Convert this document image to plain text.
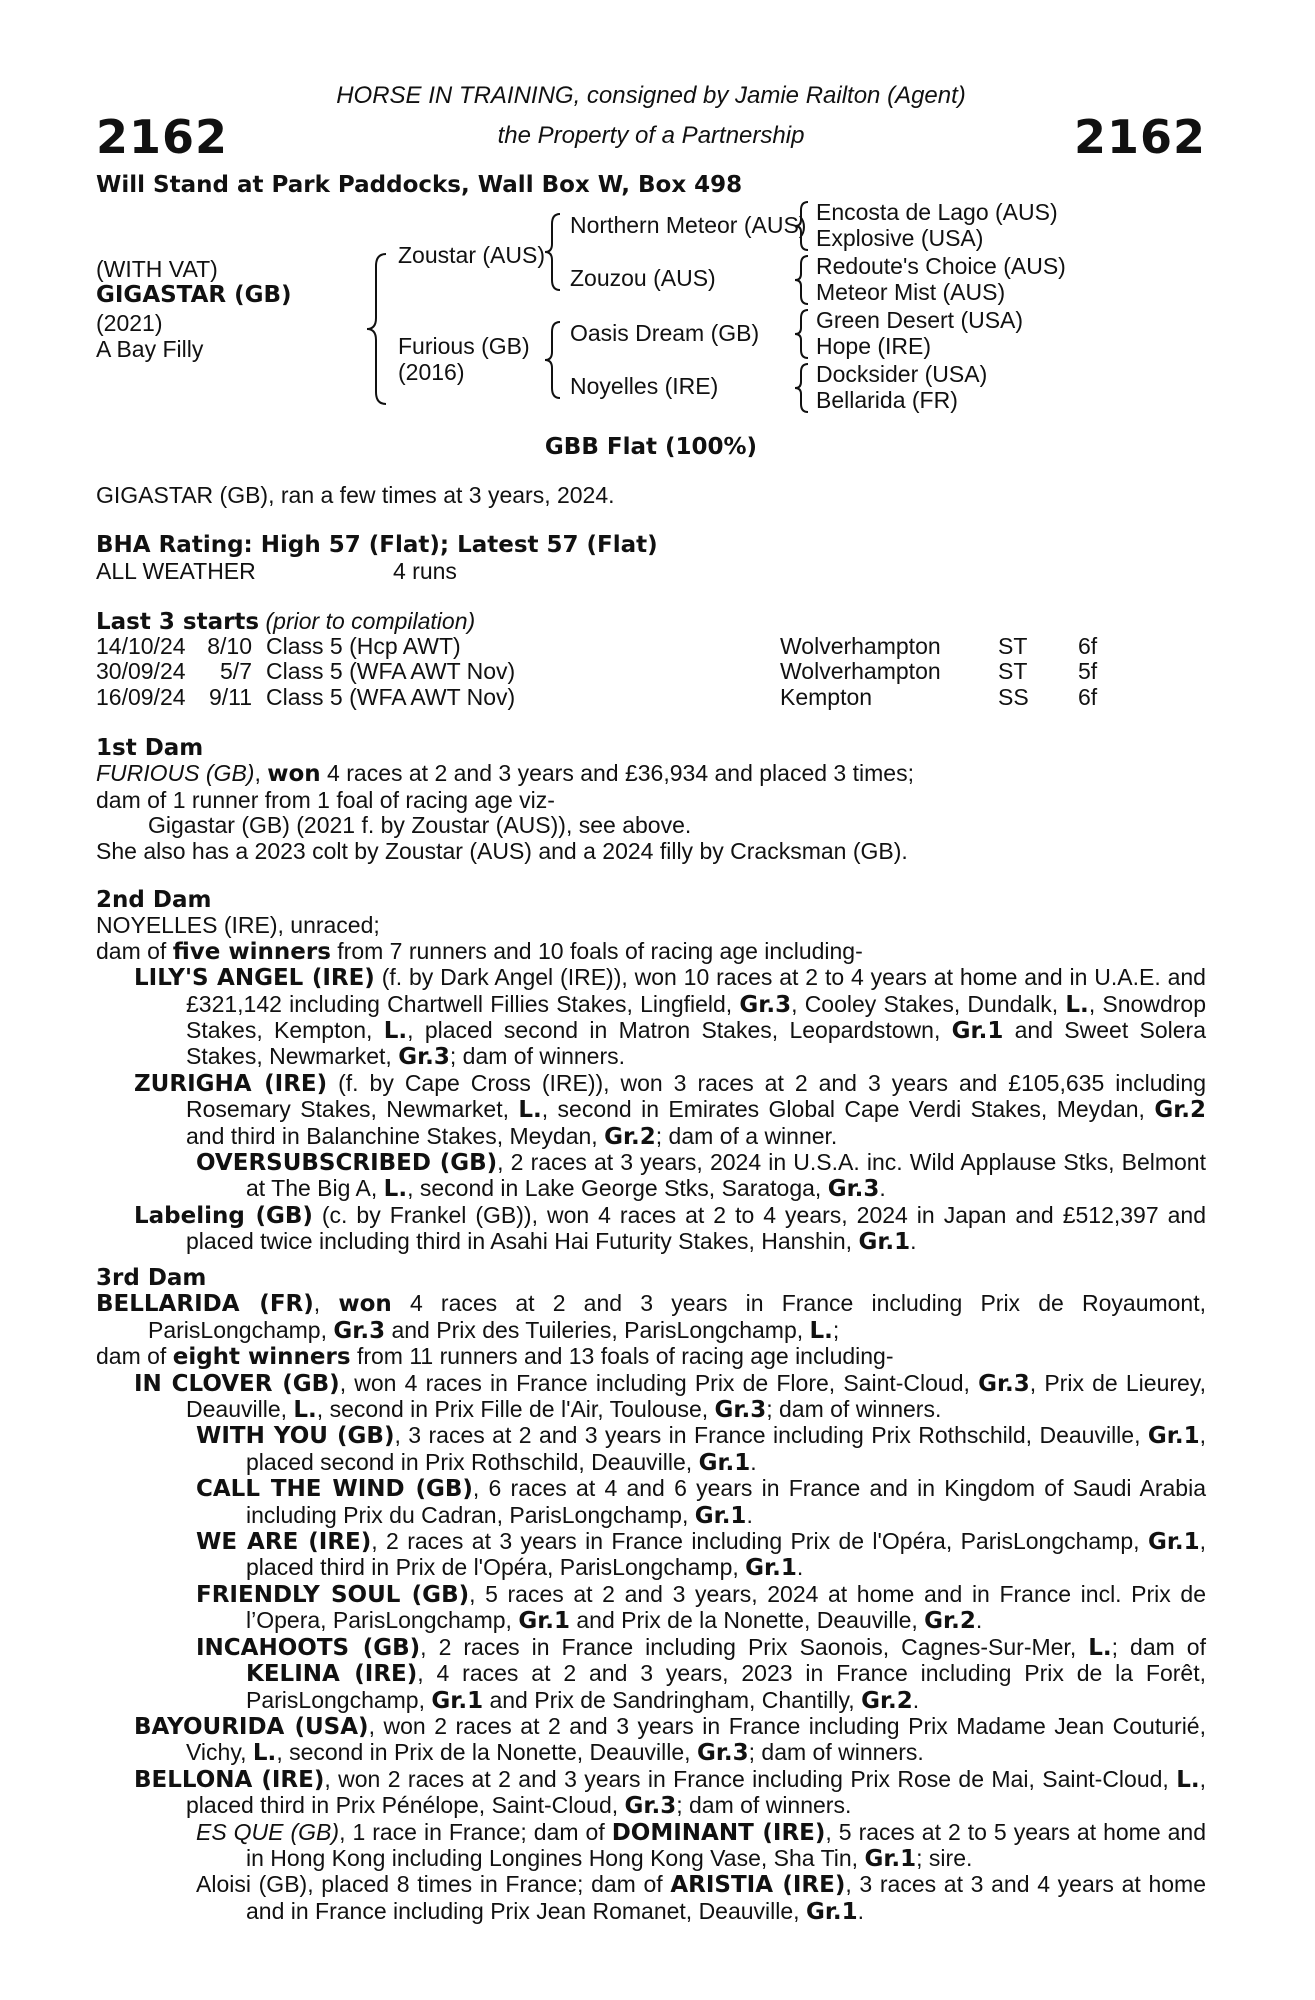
2162	2162
HORSE IN TRAINING, consigned by Jamie Railton (Agent)
the Property of a Partnership
Will Stand at Park Paddocks, Wall Box W, Box 498
(WITH VAT)
GIGASTAR (GB)
(2021)
A Bay Filly
Zoustar (AUS)
Furious (GB)
(2016)
Northern Meteor (AUS)
Zouzou (AUS)
Oasis Dream (GB)
Noyelles (IRE)
Encosta de Lago (AUS)
Explosive (USA)
Redoute's Choice (AUS)
Meteor Mist (AUS)
Green Desert (USA)
Hope (IRE)
Docksider (USA)
Bellarida (FR)
GBB Flat (100%)
GIGASTAR (GB), ran a few times at 3 years, 2024.
BHA Rating: High 57 (Flat); Latest 57 (Flat)
ALL WEATHER	4 runs
Last 3 starts (prior to compilation)
14/10/24	8/10	Class 5 (Hcp AWT)	Wolverhampton	ST	6f
30/09/24	5/7	Class 5 (WFA AWT Nov)	Wolverhampton	ST	5f
16/09/24	9/11	Class 5 (WFA AWT Nov)	Kempton	SS	6f
1st Dam
FURIOUS (GB), won 4 races at 2 and 3 years and £36,934 and placed 3 times;
dam of 1 runner from 1 foal of racing age viz-
Gigastar (GB) (2021 f. by Zoustar (AUS)), see above.
She also has a 2023 colt by Zoustar (AUS) and a 2024 filly by Cracksman (GB).
2nd Dam
NOYELLES (IRE), unraced;
dam of five winners from 7 runners and 10 foals of racing age including-
LILY'S ANGEL (IRE) (f. by Dark Angel (IRE)), won 10 races at 2 to 4 years at home and in U.A.E. and £321,142 including Chartwell Fillies Stakes, Lingfield, Gr.3, Cooley Stakes, Dundalk, L., Snowdrop Stakes, Kempton, L., placed second in Matron Stakes, Leopardstown, Gr.1 and Sweet Solera Stakes, Newmarket, Gr.3; dam of winners.
ZURIGHA (IRE) (f. by Cape Cross (IRE)), won 3 races at 2 and 3 years and £105,635 including Rosemary Stakes, Newmarket, L., second in Emirates Global Cape Verdi Stakes, Meydan, Gr.2 and third in Balanchine Stakes, Meydan, Gr.2; dam of a winner.
OVERSUBSCRIBED (GB), 2 races at 3 years, 2024 in U.S.A. inc. Wild Applause Stks, Belmont at The Big A, L., second in Lake George Stks, Saratoga, Gr.3.
Labeling (GB) (c. by Frankel (GB)), won 4 races at 2 to 4 years, 2024 in Japan and £512,397 and placed twice including third in Asahi Hai Futurity Stakes, Hanshin, Gr.1.
3rd Dam
BELLARIDA (FR), won 4 races at 2 and 3 years in France including Prix de Royaumont, ParisLongchamp, Gr.3 and Prix des Tuileries, ParisLongchamp, L.;
dam of eight winners from 11 runners and 13 foals of racing age including-
IN CLOVER (GB), won 4 races in France including Prix de Flore, Saint-Cloud, Gr.3, Prix de Lieurey, Deauville, L., second in Prix Fille de l'Air, Toulouse, Gr.3; dam of winners.
WITH YOU (GB), 3 races at 2 and 3 years in France including Prix Rothschild, Deauville, Gr.1, placed second in Prix Rothschild, Deauville, Gr.1.
CALL THE WIND (GB), 6 races at 4 and 6 years in France and in Kingdom of Saudi Arabia including Prix du Cadran, ParisLongchamp, Gr.1.
WE ARE (IRE), 2 races at 3 years in France including Prix de l'Opéra, ParisLongchamp, Gr.1, placed third in Prix de l'Opéra, ParisLongchamp, Gr.1.
FRIENDLY SOUL (GB), 5 races at 2 and 3 years, 2024 at home and in France incl. Prix de l’Opera, ParisLongchamp, Gr.1 and Prix de la Nonette, Deauville, Gr.2.
INCAHOOTS (GB), 2 races in France including Prix Saonois, Cagnes-Sur-Mer, L.; dam of KELINA (IRE), 4 races at 2 and 3 years, 2023 in France including Prix de la Forêt, ParisLongchamp, Gr.1 and Prix de Sandringham, Chantilly, Gr.2.
BAYOURIDA (USA), won 2 races at 2 and 3 years in France including Prix Madame Jean Couturié, Vichy, L., second in Prix de la Nonette, Deauville, Gr.3; dam of winners.
BELLONA (IRE), won 2 races at 2 and 3 years in France including Prix Rose de Mai, Saint-Cloud, L., placed third in Prix Pénélope, Saint-Cloud, Gr.3; dam of winners.
ES QUE (GB), 1 race in France; dam of DOMINANT (IRE), 5 races at 2 to 5 years at home and in Hong Kong including Longines Hong Kong Vase, Sha Tin, Gr.1; sire.
Aloisi (GB), placed 8 times in France; dam of ARISTIA (IRE), 3 races at 3 and 4 years at home and in France including Prix Jean Romanet, Deauville, Gr.1.
